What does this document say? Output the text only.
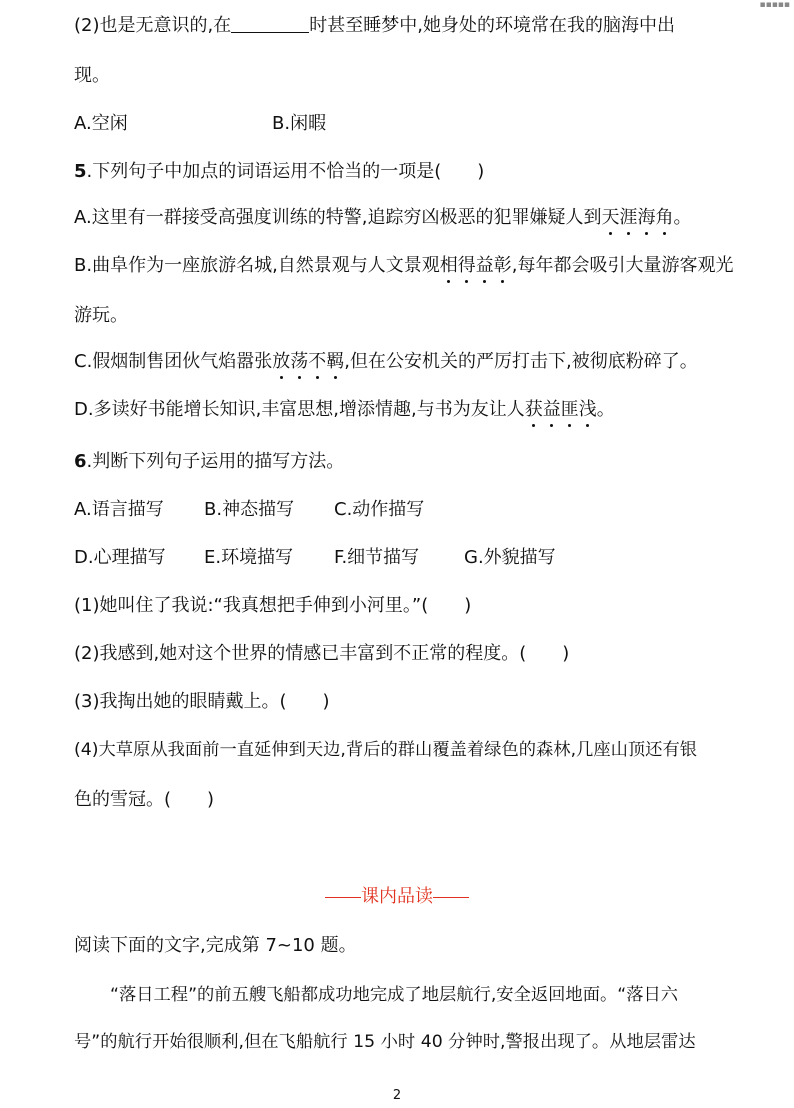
▪▪▪▪▪
(2)也是无意识的,在	时甚至睡梦中,她身处的环境常在我的脑海中出
现。
A.空闲	B.闲暇
5.下列句子中加点的词语运用不恰当的一项是(　　)
A.这里有一群接受高强度训练的特警,追踪穷凶极恶的犯罪嫌疑人到天涯海角。
B.曲阜作为一座旅游名城,自然景观与人文景观相得益彰,每年都会吸引大量游客观光
游玩。
C.假烟制售团伙气焰嚣张放荡不羁,但在公安机关的严厉打击下,被彻底粉碎了。
D.多读好书能增长知识,丰富思想,增添情趣,与书为友让人获益匪浅。
6.判断下列句子运用的描写方法。
A.语言描写 B.神态描写 C.动作描写
D.心理描写 E.环境描写 F.细节描写 G.外貌描写
(1)她叫住了我说:“我真想把手伸到小河里。”(　　)
(2)我感到,她对这个世界的情感已丰富到不正常的程度。(　　)
(3)我掏出她的眼睛戴上。(　　)
(4)大草原从我面前一直延伸到天边,背后的群山覆盖着绿色的森林,几座山顶还有银
色的雪冠。(　　)
课内品读
阅读下面的文字,完成第 7~10 题。
“落日工程”的前五艘飞船都成功地完成了地层航行,安全返回地面。“落日六
号”的航行开始很顺利,但在飞船航行 15 小时 40 分钟时,警报出现了。从地层雷达
2
